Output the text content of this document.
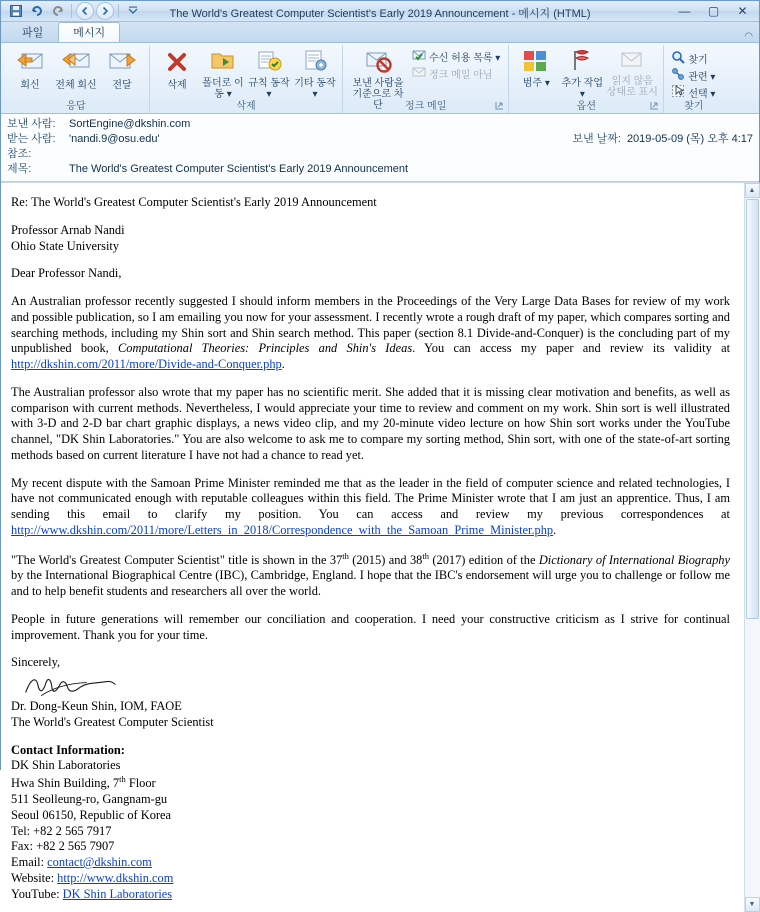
The World's Greatest Computer Scientist's Early 2019 Announcement - 메시지 (HTML)	—	▢	✕
파일	메시지	◠
회신 전체 회신 전달
응답
삭제 폴더로 이동 ▾
규칙 동작 ▾
기타 동작 ▾
삭제
보낸 사람을 기준으로 차단
수신 허용 목록 ▾
정크 메일 아님
정크 메일
범주 ▾ 추가 작업 ▾
읽지 않음 상태로 표시
옵션
찾기
관련 ▾
선택 ▾
찾기
보낸 사람:	SortEngine@dkshin.com
받는 사람:	'nandi.9@osu.edu'	보낸 날짜: 2019-05-09 (목) 오후 4:17
참조:
제목:	The World's Greatest Computer Scientist's Early 2019 Announcement

Re: The World's Greatest Computer Scientist's Early 2019 Announcement

Professor Arnab Nandi

Ohio State University

Dear Professor Nandi,

An Australian professor recently suggested I should inform members in the Proceedings of the Very Large Data Bases for review of my work and possible publication, so I am emailing you now for your assessment. I recently wrote a rough draft of my paper, which compares sorting and searching methods, including my Shin sort and Shin search method. This paper (section 8.1 Divide-and-Conquer) is the concluding part of my unpublished book, Computational Theories: Principles and Shin's Ideas. You can access my paper and review its validity at http://dkshin.com/2011/more/Divide-and-Conquer.php.

The Australian professor also wrote that my paper has no scientific merit. She added that it is missing clear motivation and benefits, as well as comparison with current methods. Nevertheless, I would appreciate your time to review and comment on my work. Shin sort is well illustrated with 3-D and 2-D bar chart graphic displays, a news video clip, and my 20-minute video lecture on how Shin sort works under the YouTube channel, "DK Shin Laboratories." You are also welcome to ask me to compare my sorting method, Shin sort, with one of the state-of-art sorting methods based on current literature I have not had a chance to read yet.

My recent dispute with the Samoan Prime Minister reminded me that as the leader in the field of computer science and related technologies, I have not communicated enough with reputable colleagues within this field. The Prime Minister wrote that I am just an apprentice. Thus, I am sending this email to clarify my position. You can access and review my previous correspondences at http://www.dkshin.com/2011/more/Letters_in_2018/Correspondence_with_the_Samoan_Prime_Minister.php.

"The World's Greatest Computer Scientist" title is shown in the 37th (2015) and 38th (2017) edition of the Dictionary of International Biography by the International Biographical Centre (IBC), Cambridge, England. I hope that the IBC's endorsement will urge you to challenge or follow me and to help benefit students and researchers all over the world.

People in future generations will remember our conciliation and cooperation. I need your constructive criticism as I strive for continual improvement. Thank you for your time.

Sincerely,

Dr. Dong-Keun Shin, IOM, FAOE

The World's Greatest Computer Scientist

Contact Information:

DK Shin Laboratories

Hwa Shin Building, 7th Floor

511 Seolleung-ro, Gangnam-gu

Seoul 06150, Republic of Korea

Tel: +82 2 565 7917

Fax: +82 2 565 7907

Email: contact@dkshin.com

Website: http://www.dkshin.com

YouTube: DK Shin Laboratories

▲
▼
